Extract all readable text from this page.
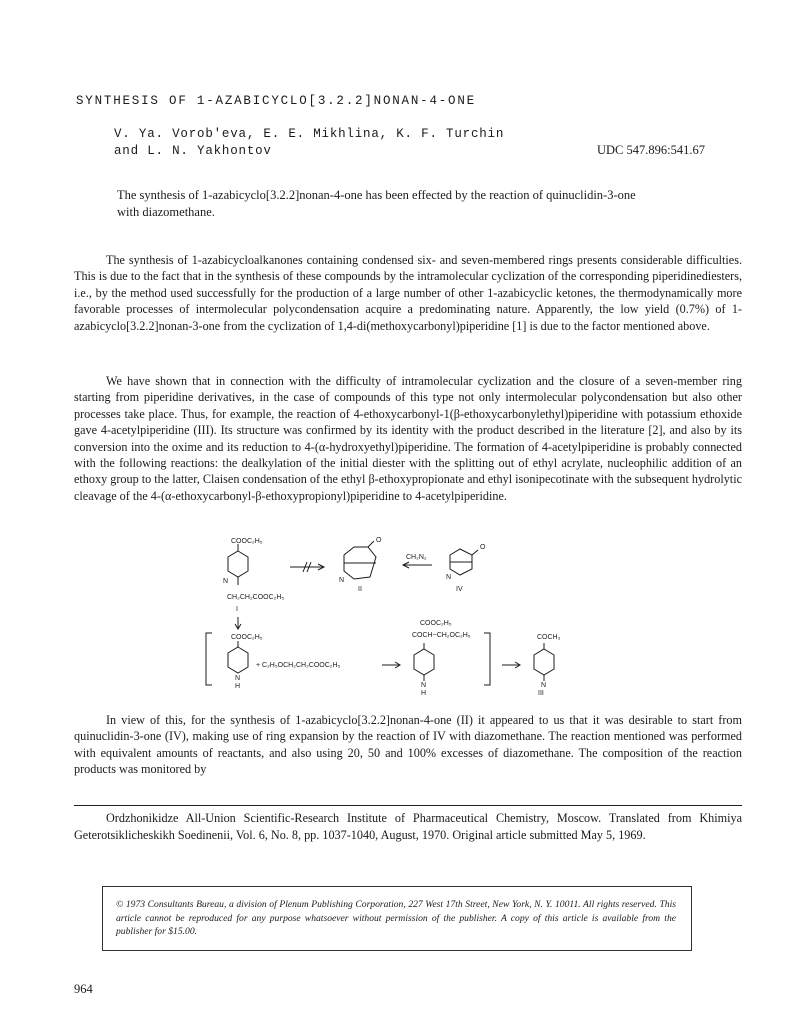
SYNTHESIS OF 1-AZABICYCLO[3.2.2]NONAN-4-ONE
V. Ya. Vorob'eva, E. E. Mikhlina, K. F. Turchin
and L. N. Yakhontov	UDC 547.896:541.67
The synthesis of 1-azabicyclo[3.2.2]nonan-4-one has been effected by the reaction of quinuclidin-3-one with diazomethane.

The synthesis of 1-azabicycloalkanones containing condensed six- and seven-membered rings presents considerable difficulties. This is due to the fact that in the synthesis of these compounds by the intramolecular cyclization of the corresponding piperidinediesters, i.e., by the method used successfully for the production of a large number of other 1-azabicyclic ketones, the thermodynamically more favorable processes of intermolecular polycondensation acquire a predominating nature. Apparently, the low yield (0.7%) of 1-azabicyclo[3.2.2]nonan-3-one from the cyclization of 1,4-di(methoxycarbonyl)piperidine [1] is due to the factor mentioned above.

We have shown that in connection with the difficulty of intramolecular cyclization and the closure of a seven-member ring starting from piperidine derivatives, in the case of compounds of this type not only intermolecular polycondensation but also other processes take place. Thus, for example, the reaction of 4-ethoxycarbonyl-1(β-ethoxycarbonylethyl)piperidine with potassium ethoxide gave 4-acetylpiperidine (III). Its structure was confirmed by its identity with the product described in the literature [2], and also by its conversion into the oxime and its reduction to 4-(α-hydroxyethyl)piperidine. The formation of 4-acetylpiperidine is probably connected with the following reactions: the dealkylation of the initial diester with the splitting out of ethyl acrylate, nucleophilic addition of an ethoxy group to the latter, Claisen condensation of the ethyl β-ethoxypropionate and ethyl isonipecotinate with the subsequent hydrolytic cleavage of the 4-(α-ethoxycarbonyl-β-ethoxypropionyl)piperidine to 4-acetylpiperidine.

COOC₂H₅
N
CH₂CH₂COOC₂H₅
I
N
O
II
CH₂N₂
N
O
IV
COOC₂H₅
N
H
+ C₂H₅OCH₂CH₂COOC₂H₅
COOC₂H₅
COCH−CH₂OC₂H₅
N
H
COCH₃
N
III

In view of this, for the synthesis of 1-azabicyclo[3.2.2]nonan-4-one (II) it appeared to us that it was desirable to start from quinuclidin-3-one (IV), making use of ring expansion by the reaction of IV with diazomethane. The reaction mentioned was performed with equivalent amounts of reactants, and also using 20, 50 and 100% excesses of diazomethane. The composition of the reaction products was monitored by

Ordzhonikidze All-Union Scientific-Research Institute of Pharmaceutical Chemistry, Moscow. Translated from Khimiya Geterotsiklicheskikh Soedinenii, Vol. 6, No. 8, pp. 1037-1040, August, 1970. Original article submitted May 5, 1969.

© 1973 Consultants Bureau, a division of Plenum Publishing Corporation, 227 West 17th Street, New York, N. Y. 10011. All rights reserved. This article cannot be reproduced for any purpose whatsoever without permission of the publisher. A copy of this article is available from the publisher for $15.00.
964
